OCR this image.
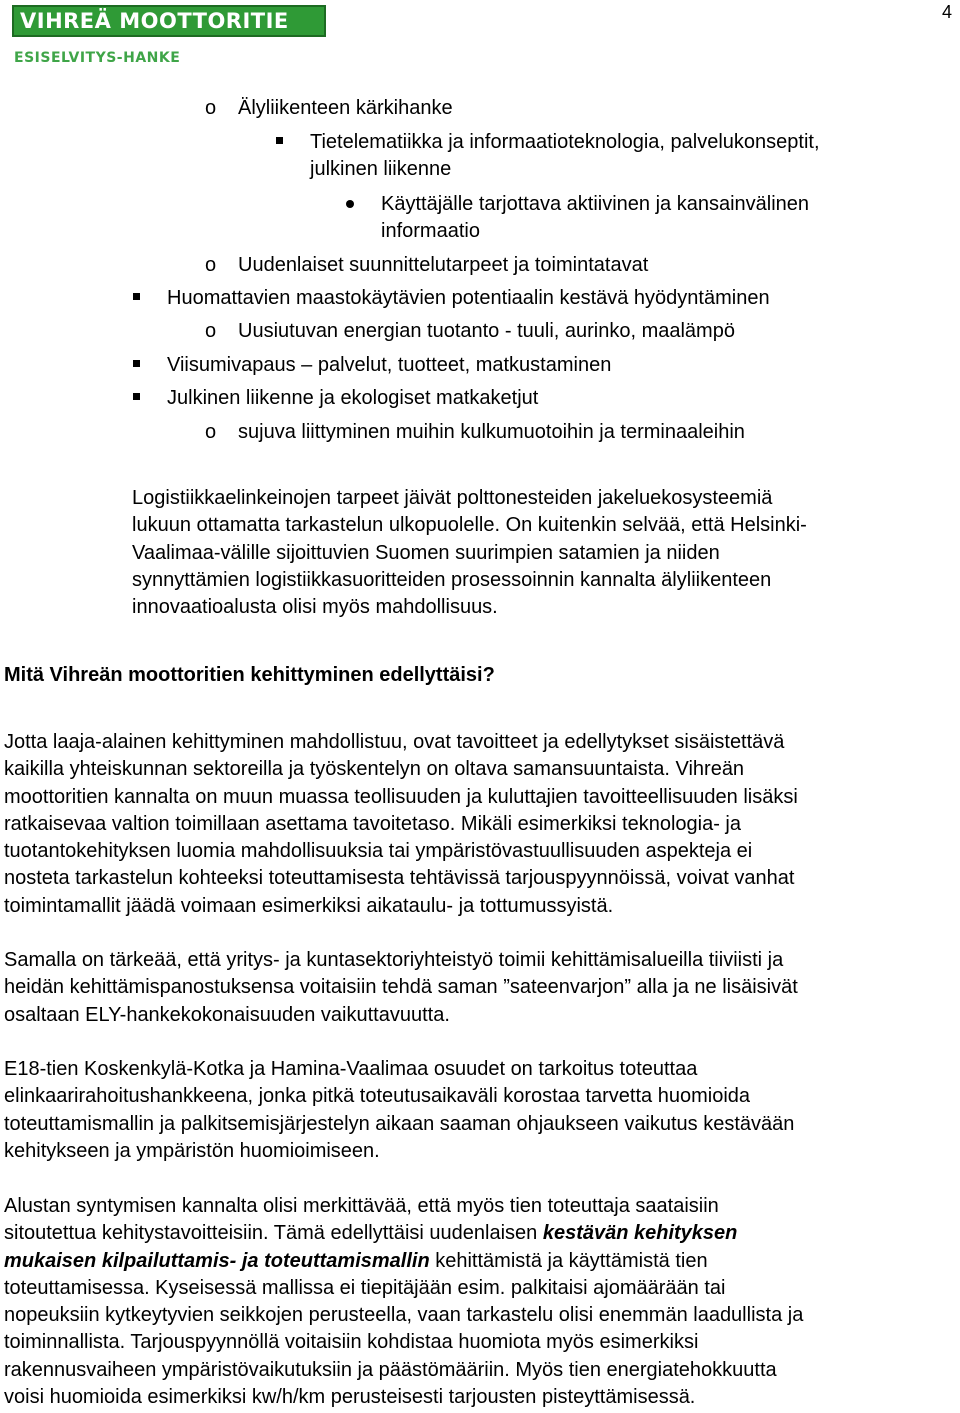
VIHREÄ MOOTTORITIE
ESISELVITYS-HANKE
4
o Älyliikenteen kärkihanke
Tietelematiikka ja informaatioteknologia, palvelukonseptit,
julkinen liikenne
Käyttäjälle tarjottava aktiivinen ja kansainvälinen
informaatio
o Uudenlaiset suunnittelutarpeet ja toimintatavat
Huomattavien maastokäytävien potentiaalin kestävä hyödyntäminen
o Uusiutuvan energian tuotanto - tuuli, aurinko, maalämpö
Viisumivapaus – palvelut, tuotteet, matkustaminen
Julkinen liikenne ja ekologiset matkaketjut
o sujuva liittyminen muihin kulkumuotoihin ja terminaaleihin

Logistiikkaelinkeinojen tarpeet jäivät polttonesteiden jakeluekosysteemiä

lukuun ottamatta tarkastelun ulkopuolelle. On kuitenkin selvää, että Helsinki-

Vaalimaa-välille sijoittuvien Suomen suurimpien satamien ja niiden

synnyttämien logistiikkasuoritteiden prosessoinnin kannalta älyliikenteen

innovaatioalusta olisi myös mahdollisuus.

Mitä Vihreän moottoritien kehittyminen edellyttäisi?

Jotta laaja-alainen kehittyminen mahdollistuu, ovat tavoitteet ja edellytykset sisäistettävä

kaikilla yhteiskunnan sektoreilla ja työskentelyn on oltava samansuuntaista. Vihreän

moottoritien kannalta on muun muassa teollisuuden ja kuluttajien tavoitteellisuuden lisäksi

ratkaisevaa valtion toimillaan asettama tavoitetaso. Mikäli esimerkiksi teknologia- ja

tuotantokehityksen luomia mahdollisuuksia tai ympäristövastuullisuuden aspekteja ei

nosteta tarkastelun kohteeksi toteuttamisesta tehtävissä tarjouspyynnöissä, voivat vanhat

toimintamallit jäädä voimaan esimerkiksi aikataulu- ja tottumussyistä.

Samalla on tärkeää, että yritys- ja kuntasektoriyhteistyö toimii kehittämisalueilla tiiviisti ja

heidän kehittämispanostuksensa voitaisiin tehdä saman ”sateenvarjon” alla ja ne lisäisivät

osaltaan ELY-hankekokonaisuuden vaikuttavuutta.

E18-tien Koskenkylä-Kotka ja Hamina-Vaalimaa osuudet on tarkoitus toteuttaa

elinkaarirahoitushankkeena, jonka pitkä toteutusaikaväli korostaa tarvetta huomioida

toteuttamismallin ja palkitsemisjärjestelyn aikaan saaman ohjaukseen vaikutus kestävään

kehitykseen ja ympäristön huomioimiseen.

Alustan syntymisen kannalta olisi merkittävää, että myös tien toteuttaja saataisiin

sitoutettua kehitystavoitteisiin. Tämä edellyttäisi uudenlaisen kestävän kehityksen

mukaisen kilpailuttamis- ja toteuttamismallin kehittämistä ja käyttämistä tien

toteuttamisessa. Kyseisessä mallissa ei tiepitäjään esim. palkitaisi ajomäärään tai

nopeuksiin kytkeytyvien seikkojen perusteella, vaan tarkastelu olisi enemmän laadullista ja

toiminnallista. Tarjouspyynnöllä voitaisiin kohdistaa huomiota myös esimerkiksi

rakennusvaiheen ympäristövaikutuksiin ja päästömääriin. Myös tien energiatehokkuutta

voisi huomioida esimerkiksi kw/h/km perusteisesti tarjousten pisteyttämisessä.
